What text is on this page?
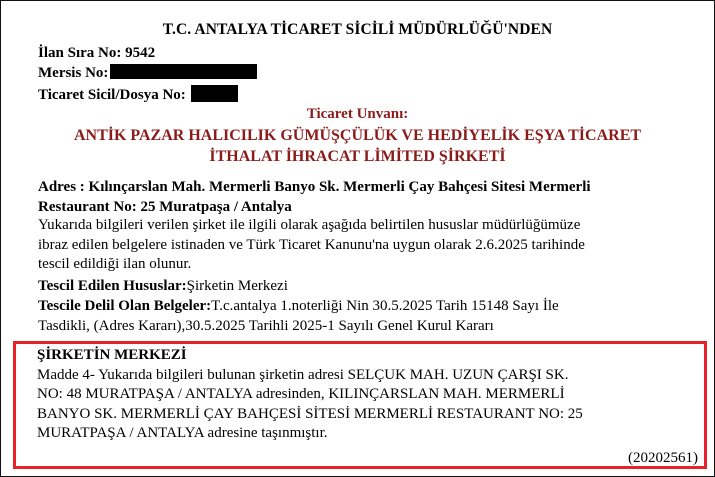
T.C. ANTALYA TİCARET SİCİLİ MÜDÜRLÜĞÜ'NDEN
İlan Sıra No: 9542
Mersis No:
Ticaret Sicil/Dosya No:
Ticaret Unvanı:
ANTİK PAZAR HALICILIK GÜMÜŞÇÜLÜK VE HEDİYELİK EŞYA TİCARET
İTHALAT İHRACAT LİMİTED ŞİRKETİ
Adres : Kılınçarslan Mah. Mermerli Banyo Sk. Mermerli Çay Bahçesi Sitesi Mermerli
Restaurant No: 25 Muratpaşa / Antalya
Yukarıda bilgileri verilen şirket ile ilgili olarak aşağıda belirtilen hususlar müdürlüğümüze
ibraz edilen belgelere istinaden ve Türk Ticaret Kanunu'na uygun olarak 2.6.2025 tarihinde
tescil edildiği ilan olunur.
Tescil Edilen Hususlar:Şirketin Merkezi
Tescile Delil Olan Belgeler:T.c.antalya 1.noterliği Nin 30.5.2025 Tarih 15148 Sayı İle
Tasdikli, (Adres Kararı),30.5.2025 Tarihli 2025-1 Sayılı Genel Kurul Kararı
ŞİRKETİN MERKEZİ
Madde 4- Yukarıda bilgileri bulunan şirketin adresi SELÇUK MAH. UZUN ÇARŞI SK.
NO: 48 MURATPAŞA / ANTALYA adresinden, KILINÇARSLAN MAH. MERMERLİ
BANYO SK. MERMERLİ ÇAY BAHÇESİ SİTESİ MERMERLİ RESTAURANT NO: 25
MURATPAŞA / ANTALYA adresine taşınmıştır.
(20202561)
